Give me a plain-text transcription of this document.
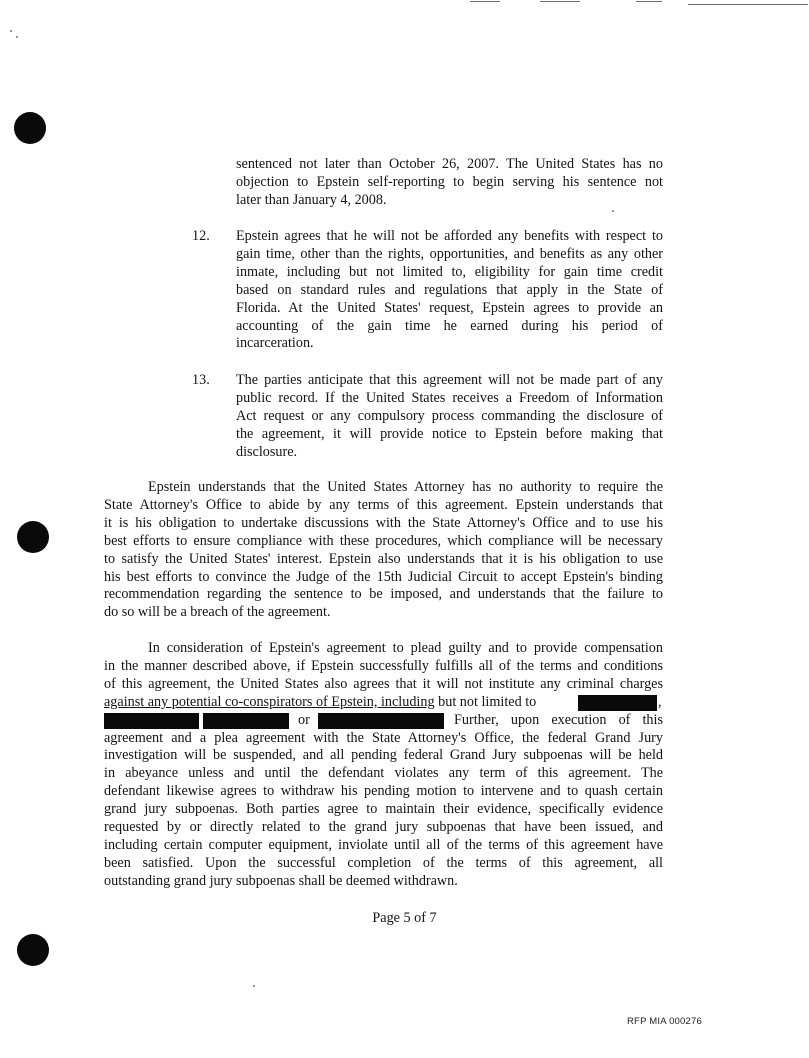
sentenced not later than October 26, 2007. The United States has no
objection to Epstein self-reporting to begin serving his sentence not
later than January 4, 2008.
12. Epstein agrees that he will not be afforded any benefits with respect to
gain time, other than the rights, opportunities, and benefits as any other
inmate, including but not limited to, eligibility for gain time credit
based on standard rules and regulations that apply in the State of
Florida. At the United States' request, Epstein agrees to provide an
accounting of the gain time he earned during his period of
incarceration.
13. The parties anticipate that this agreement will not be made part of any
public record. If the United States receives a Freedom of Information
Act request or any compulsory process commanding the disclosure of
the agreement, it will provide notice to Epstein before making that
disclosure.
Epstein understands that the United States Attorney has no authority to require the
State Attorney's Office to abide by any terms of this agreement. Epstein understands that
it is his obligation to undertake discussions with the State Attorney's Office and to use his
best efforts to ensure compliance with these procedures, which compliance will be necessary
to satisfy the United States' interest. Epstein also understands that it is his obligation to use
his best efforts to convince the Judge of the 15th Judicial Circuit to accept Epstein's binding
recommendation regarding the sentence to be imposed, and understands that the failure to
do so will be a breach of the agreement.
In consideration of Epstein's agreement to plead guilty and to provide compensation
in the manner described above, if Epstein successfully fulfills all of the terms and conditions
of this agreement, the United States also agrees that it will not institute any criminal charges
against any potential co-conspirators of Epstein, including but not limited to	,
or	Further, upon execution of this
agreement and a plea agreement with the State Attorney's Office, the federal Grand Jury
investigation will be suspended, and all pending federal Grand Jury subpoenas will be held
in abeyance unless and until the defendant violates any term of this agreement. The
defendant likewise agrees to withdraw his pending motion to intervene and to quash certain
grand jury subpoenas. Both parties agree to maintain their evidence, specifically evidence
requested by or directly related to the grand jury subpoenas that have been issued, and
including certain computer equipment, inviolate until all of the terms of this agreement have
been satisfied. Upon the successful completion of the terms of this agreement, all
outstanding grand jury subpoenas shall be deemed withdrawn.
Page 5 of 7
RFP MIA 000276
